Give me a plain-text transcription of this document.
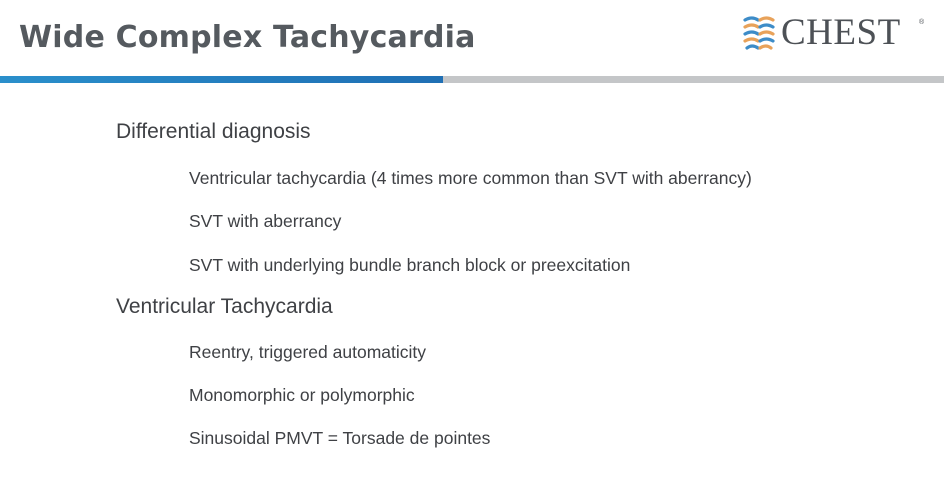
Wide Complex Tachycardia	CHEST	®
Differential diagnosis
Ventricular tachycardia (4 times more common than SVT with aberrancy)
SVT with aberrancy
SVT with underlying bundle branch block or preexcitation
Ventricular Tachycardia
Reentry, triggered automaticity
Monomorphic or polymorphic
Sinusoidal PMVT = Torsade de pointes
